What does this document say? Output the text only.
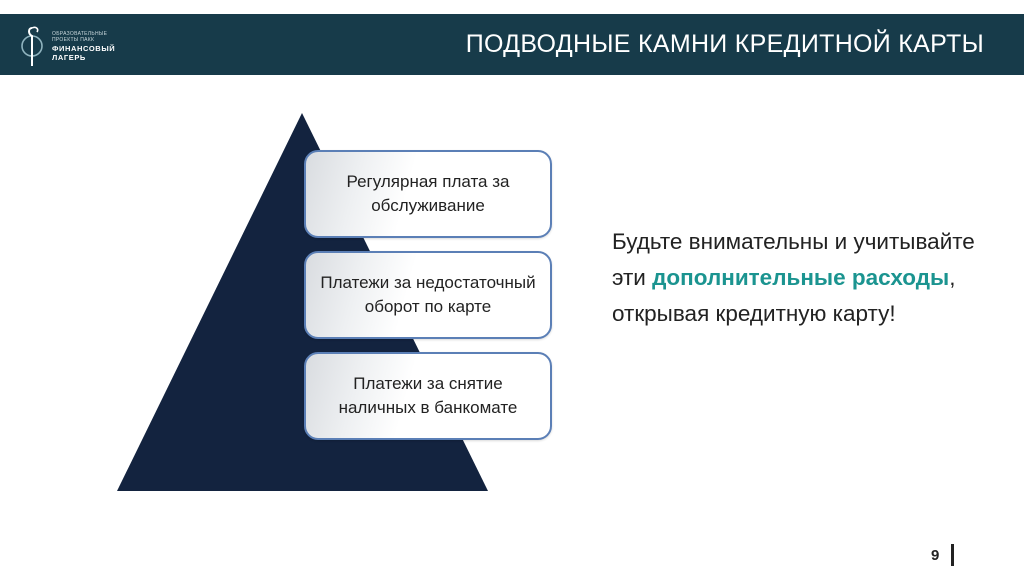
ОБРАЗОВАТЕЛЬНЫЕ
ПРОЕКТЫ ПАКК
ФИНАНСОВЫЙ
ЛАГЕРЬ	ПОДВОДНЫЕ КАМНИ КРЕДИТНОЙ КАРТЫ
Регулярная плата за обслуживание
Платежи за недостаточный оборот по карте
Платежи за снятие наличных в банкомате
Будьте внимательны и учитывайте эти дополнительные расходы, открывая кредитную карту!
9
